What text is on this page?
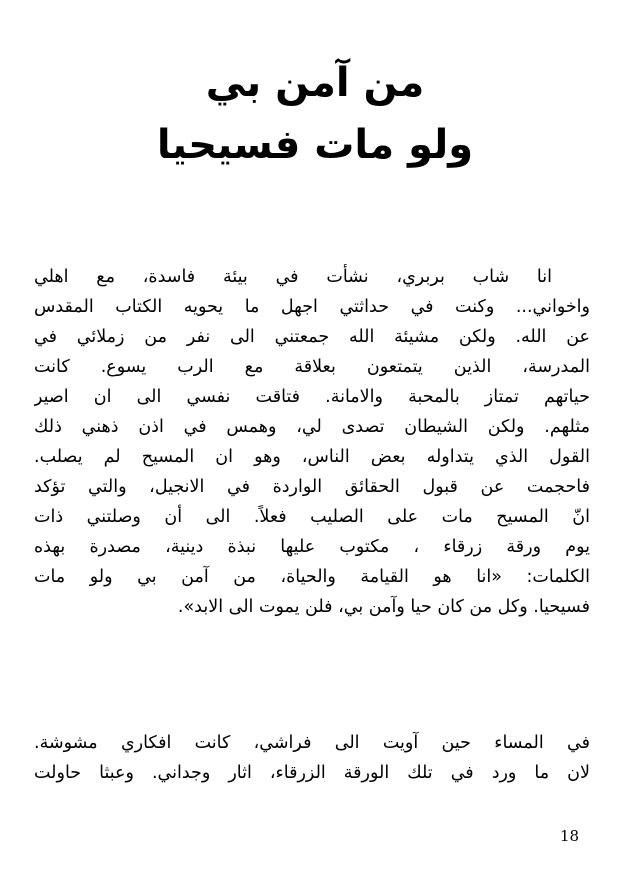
من آمن بي
ولو مات فسيحيا
انا شاب بربري، نشأت في بيئة فاسدة، مع اهلي
واخواني... وكنت في حداثتي اجهل ما يحويه الكتاب المقدس
عن الله. ولكن مشيئة الله جمعتني الى نفر من زملائي في
المدرسة، الذين يتمتعون بعلاقة مع الرب يسوع. كانت
حياتهم تمتاز بالمحبة والامانة. فتاقت نفسي الى ان اصير
مثلهم. ولكن الشيطان تصدى لي، وهمس في اذن ذهني ذلك
القول الذي يتداوله بعض الناس، وهو ان المسيح لم يصلب.
فاحجمت عن قبول الحقائق الواردة في الانجيل، والتي تؤكد
انّ المسيح مات على الصليب فعلاً. الى أن وصلتني ذات
يوم ورقة زرقاء ، مكتوب عليها نبذة دينية، مصدرة بهذه
الكلمات: «انا هو القيامة والحياة، من آمن بي ولو مات
فسيحيا. وكل من كان حيا وآمن بي، فلن يموت الى الابد».
في المساء حين آويت الى فراشي، كانت افكاري مشوشة.
لان ما ورد في تلك الورقة الزرقاء، اثار وجداني. وعبثا حاولت
18
